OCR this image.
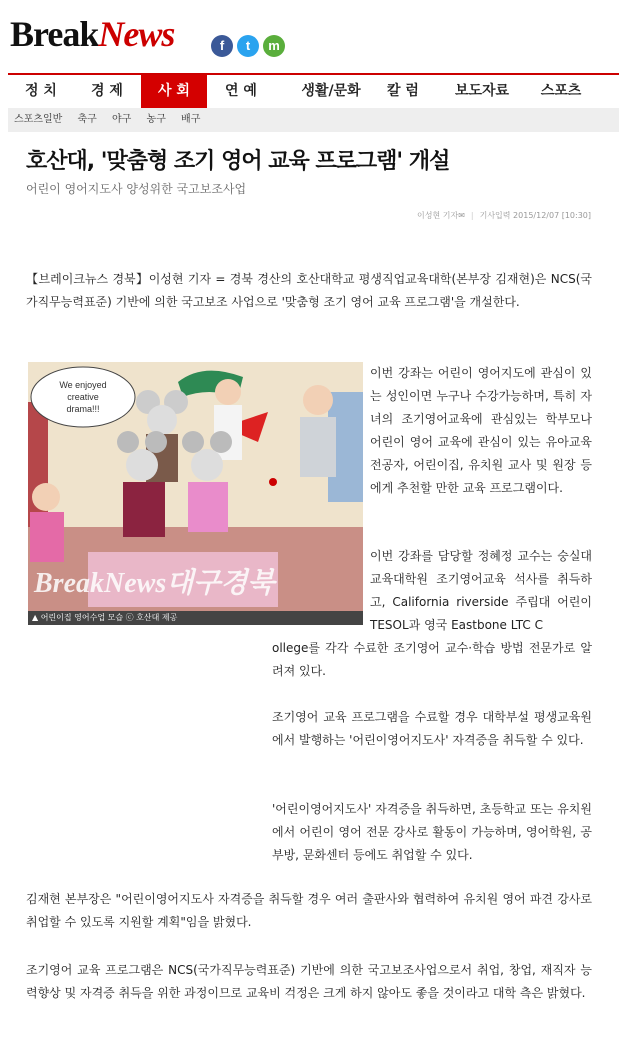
BreakNews	f t m
정 치	경 제	사 회	연 예	생활/문화	칼 럼	보도자료	스포츠
스포츠일반 축구 야구 농구 배구
호산대, '맞춤형 조기 영어 교육 프로그램' 개설
어린이 영어지도사 양성위한 국고보조사업
이성현 기자✉ | 기사입력 2015/12/07 [10:30]
【브레이크뉴스 경북】이성현 기자 = 경북 경산의 호산대학교 평생직업교육대학(본부장 김재현)은 NCS(국가직무능력표준) 기반에 의한 국고보조 사업으로 '맞춤형 조기 영어 교육 프로그램'을 개설한다.
We enjoyed
creative
drama!!!
BreakNews대구경북
▲ 어린이집 영어수업 모습 ⓒ 호산대 제공
이번 강좌는 어린이 영어지도에 관심이 있는 성인이면 누구나 수강가능하며, 특히 자녀의 조기영어교육에 관심있는 학부모나 어린이 영어 교육에 관심이 있는 유아교육 전공자, 어린이집, 유치원 교사 및 원장 등에게 추천할 만한 교육 프로그램이다.
이번 강좌를 담당할 정혜정 교수는 숭실대 교육대학원 조기영어교육 석사를 취득하고, California riverside 주립대 어린이 TESOL과 영국 Eastbone LTC C
ollege를 각각 수료한 조기영어 교수·학습 방법 전문가로 알려져 있다.
조기영어 교육 프로그램을 수료할 경우 대학부설 평생교육원에서 발행하는 '어린이영어지도사' 자격증을 취득할 수 있다.
'어린이영어지도사' 자격증을 취득하면, 초등학교 또는 유치원에서 어린이 영어 전문 강사로 활동이 가능하며, 영어학원, 공부방, 문화센터 등에도 취업할 수 있다.
김재현 본부장은 "어린이영어지도사 자격증을 취득할 경우 여러 출판사와 협력하여 유치원 영어 파견 강사로 취업할 수 있도록 지원할 계획"임을 밝혔다.
조기영어 교육 프로그램은 NCS(국가직무능력표준) 기반에 의한 국고보조사업으로서 취업, 창업, 재직자 능력향상 및 자격증 취득을 위한 과정이므로 교육비 걱정은 크게 하지 않아도 좋을 것이라고 대학 측은 밝혔다.
